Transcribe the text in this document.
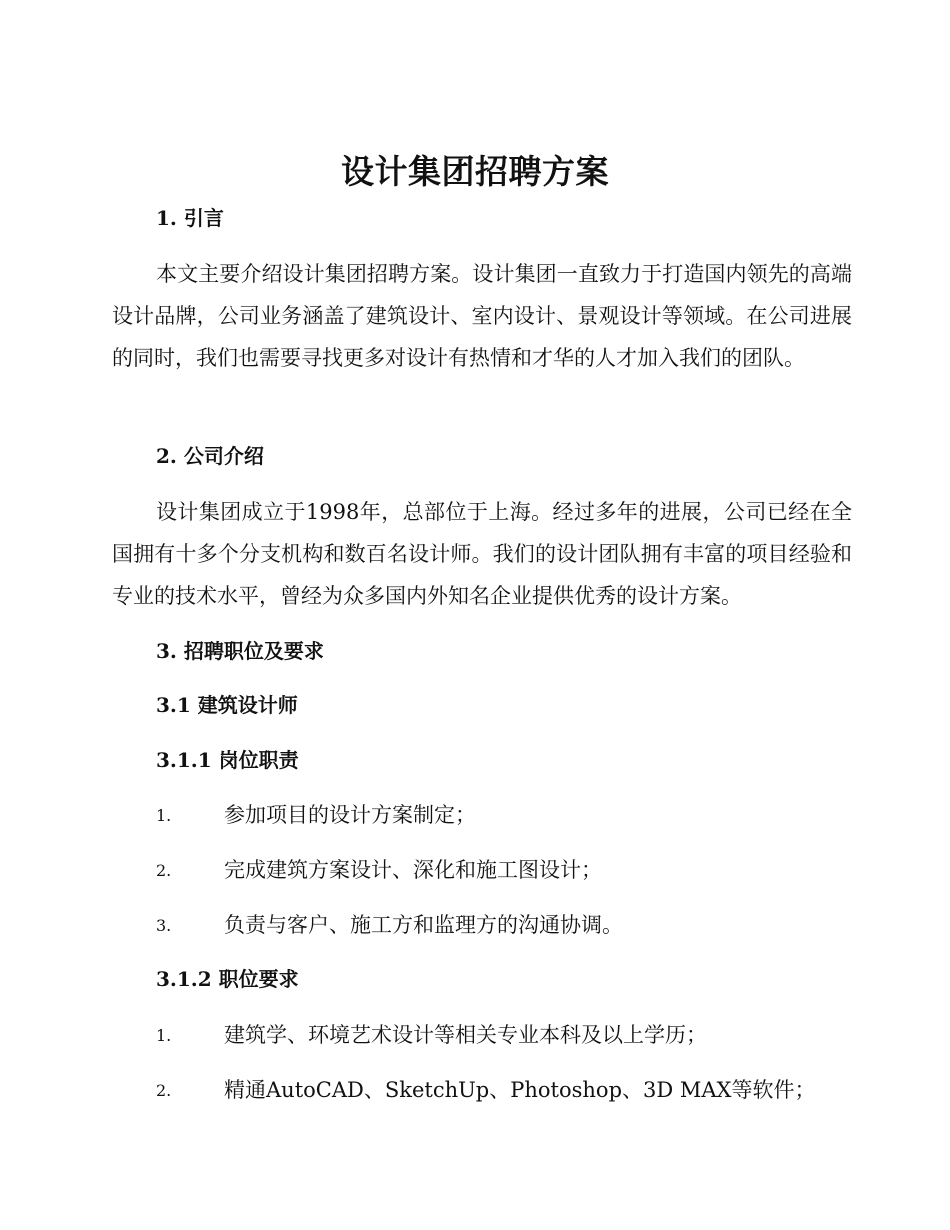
设计集团招聘方案
1. 引言
本文主要介绍设计集团招聘方案。设计集团一直致力于打造国内领先的高端设计品牌，公司业务涵盖了建筑设计、室内设计、景观设计等领域。在公司进展的同时，我们也需要寻找更多对设计有热情和才华的人才加入我们的团队。
2. 公司介绍
设计集团成立于1998年，总部位于上海。经过多年的进展，公司已经在全国拥有十多个分支机构和数百名设计师。我们的设计团队拥有丰富的项目经验和专业的技术水平，曾经为众多国内外知名企业提供优秀的设计方案。
3. 招聘职位及要求
3.1 建筑设计师
3.1.1 岗位职责
1.	参加项目的设计方案制定；
2.	完成建筑方案设计、深化和施工图设计；
3.	负责与客户、施工方和监理方的沟通协调。
3.1.2 职位要求
1.	建筑学、环境艺术设计等相关专业本科及以上学历；
2.	精通AutoCAD、SketchUp、Photoshop、3D MAX等软件；
